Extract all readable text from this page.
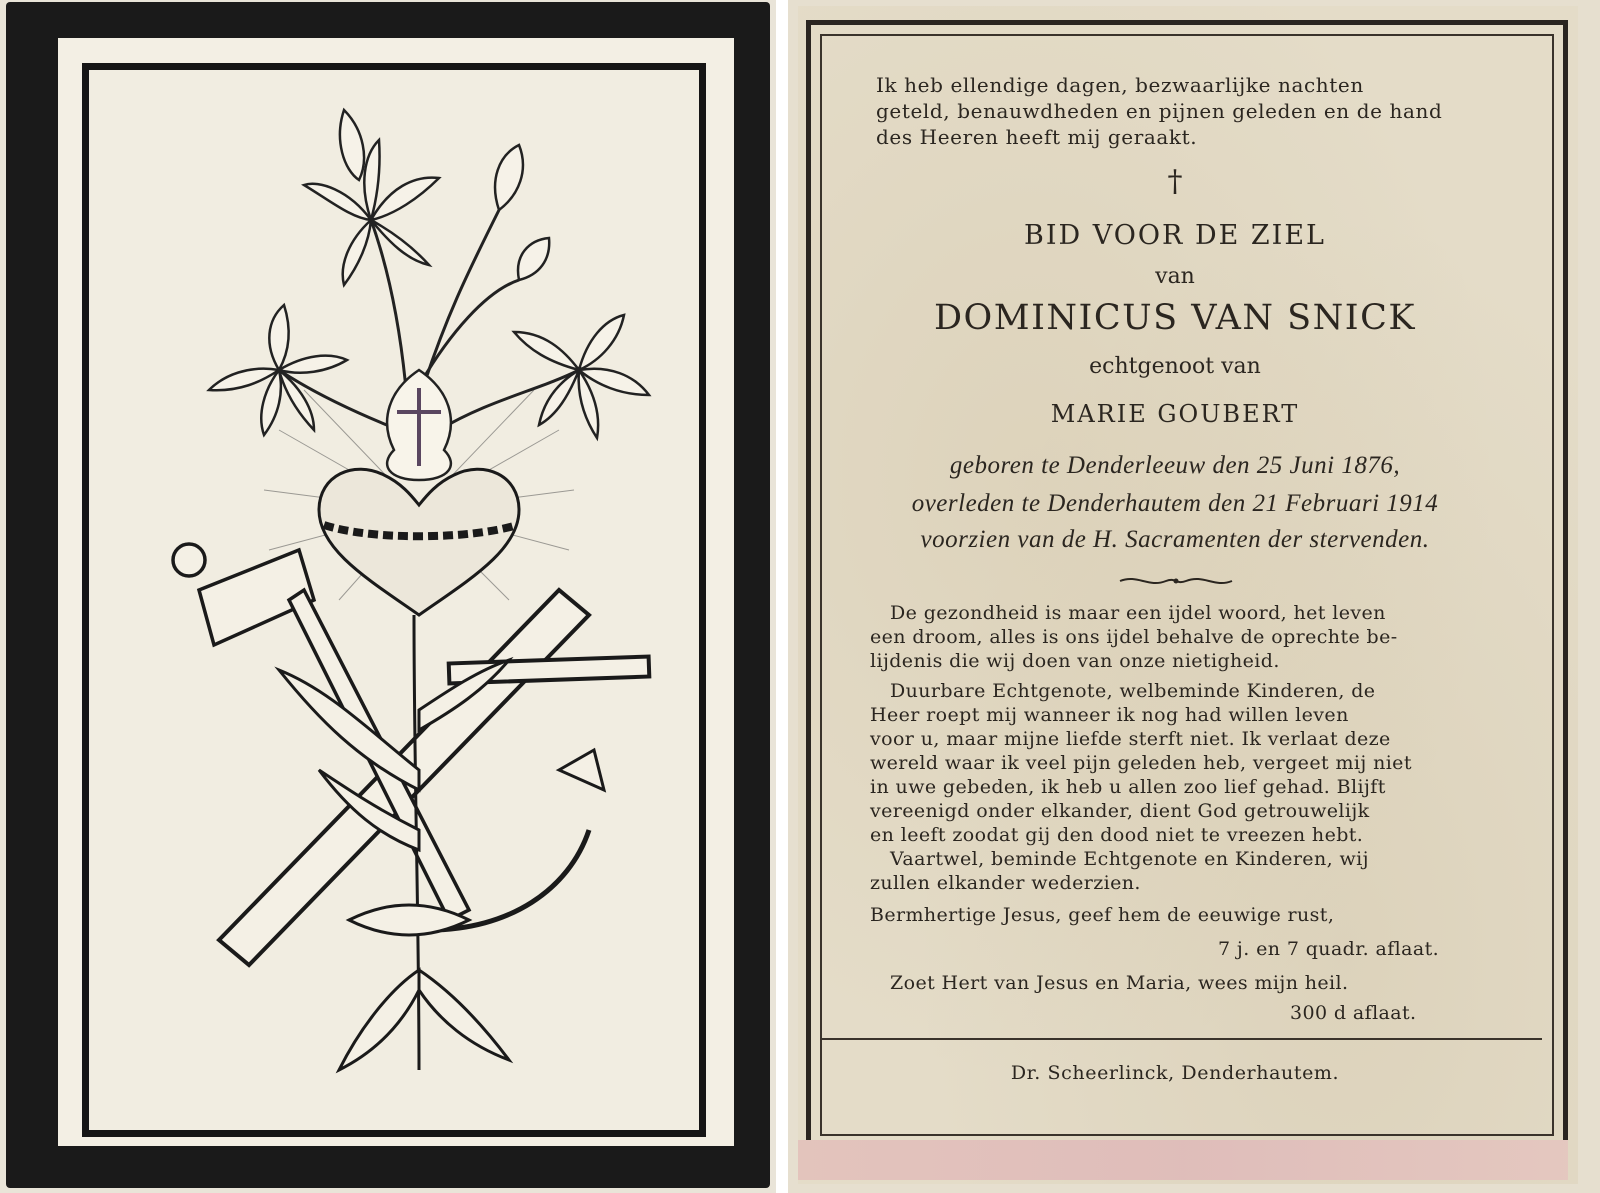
Ik heb ellendige dagen, bezwaarlijke nachten
geteld, benauwdheden en pijnen geleden en de hand
des Heeren heeft mij geraakt.
†
BID VOOR DE ZIEL
van
DOMINICUS VAN SNICK
echtgenoot van
MARIE GOUBERT
geboren te Denderleeuw den 25 Juni 1876,
overleden te Denderhautem den 21 Februari 1914
voorzien van de H. Sacramenten der stervenden.
De gezondheid is maar een ijdel woord, het leven
een droom, alles is ons ijdel behalve de oprechte be-
lijdenis die wij doen van onze nietigheid.
Duurbare Echtgenote, welbeminde Kinderen, de
Heer roept mij wanneer ik nog had willen leven
voor u, maar mijne liefde sterft niet. Ik verlaat deze
wereld waar ik veel pijn geleden heb, vergeet mij niet
in uwe gebeden, ik heb u allen zoo lief gehad. Blijft
vereenigd onder elkander, dient God getrouwelijk
en leeft zoodat gij den dood niet te vreezen hebt.
Vaartwel, beminde Echtgenote en Kinderen, wij
zullen elkander wederzien.
Bermhertige Jesus, geef hem de eeuwige rust,
7 j. en 7 quadr. aflaat.
Zoet Hert van Jesus en Maria, wees mijn heil.
300 d aflaat.
Dr. Scheerlinck, Denderhautem.
